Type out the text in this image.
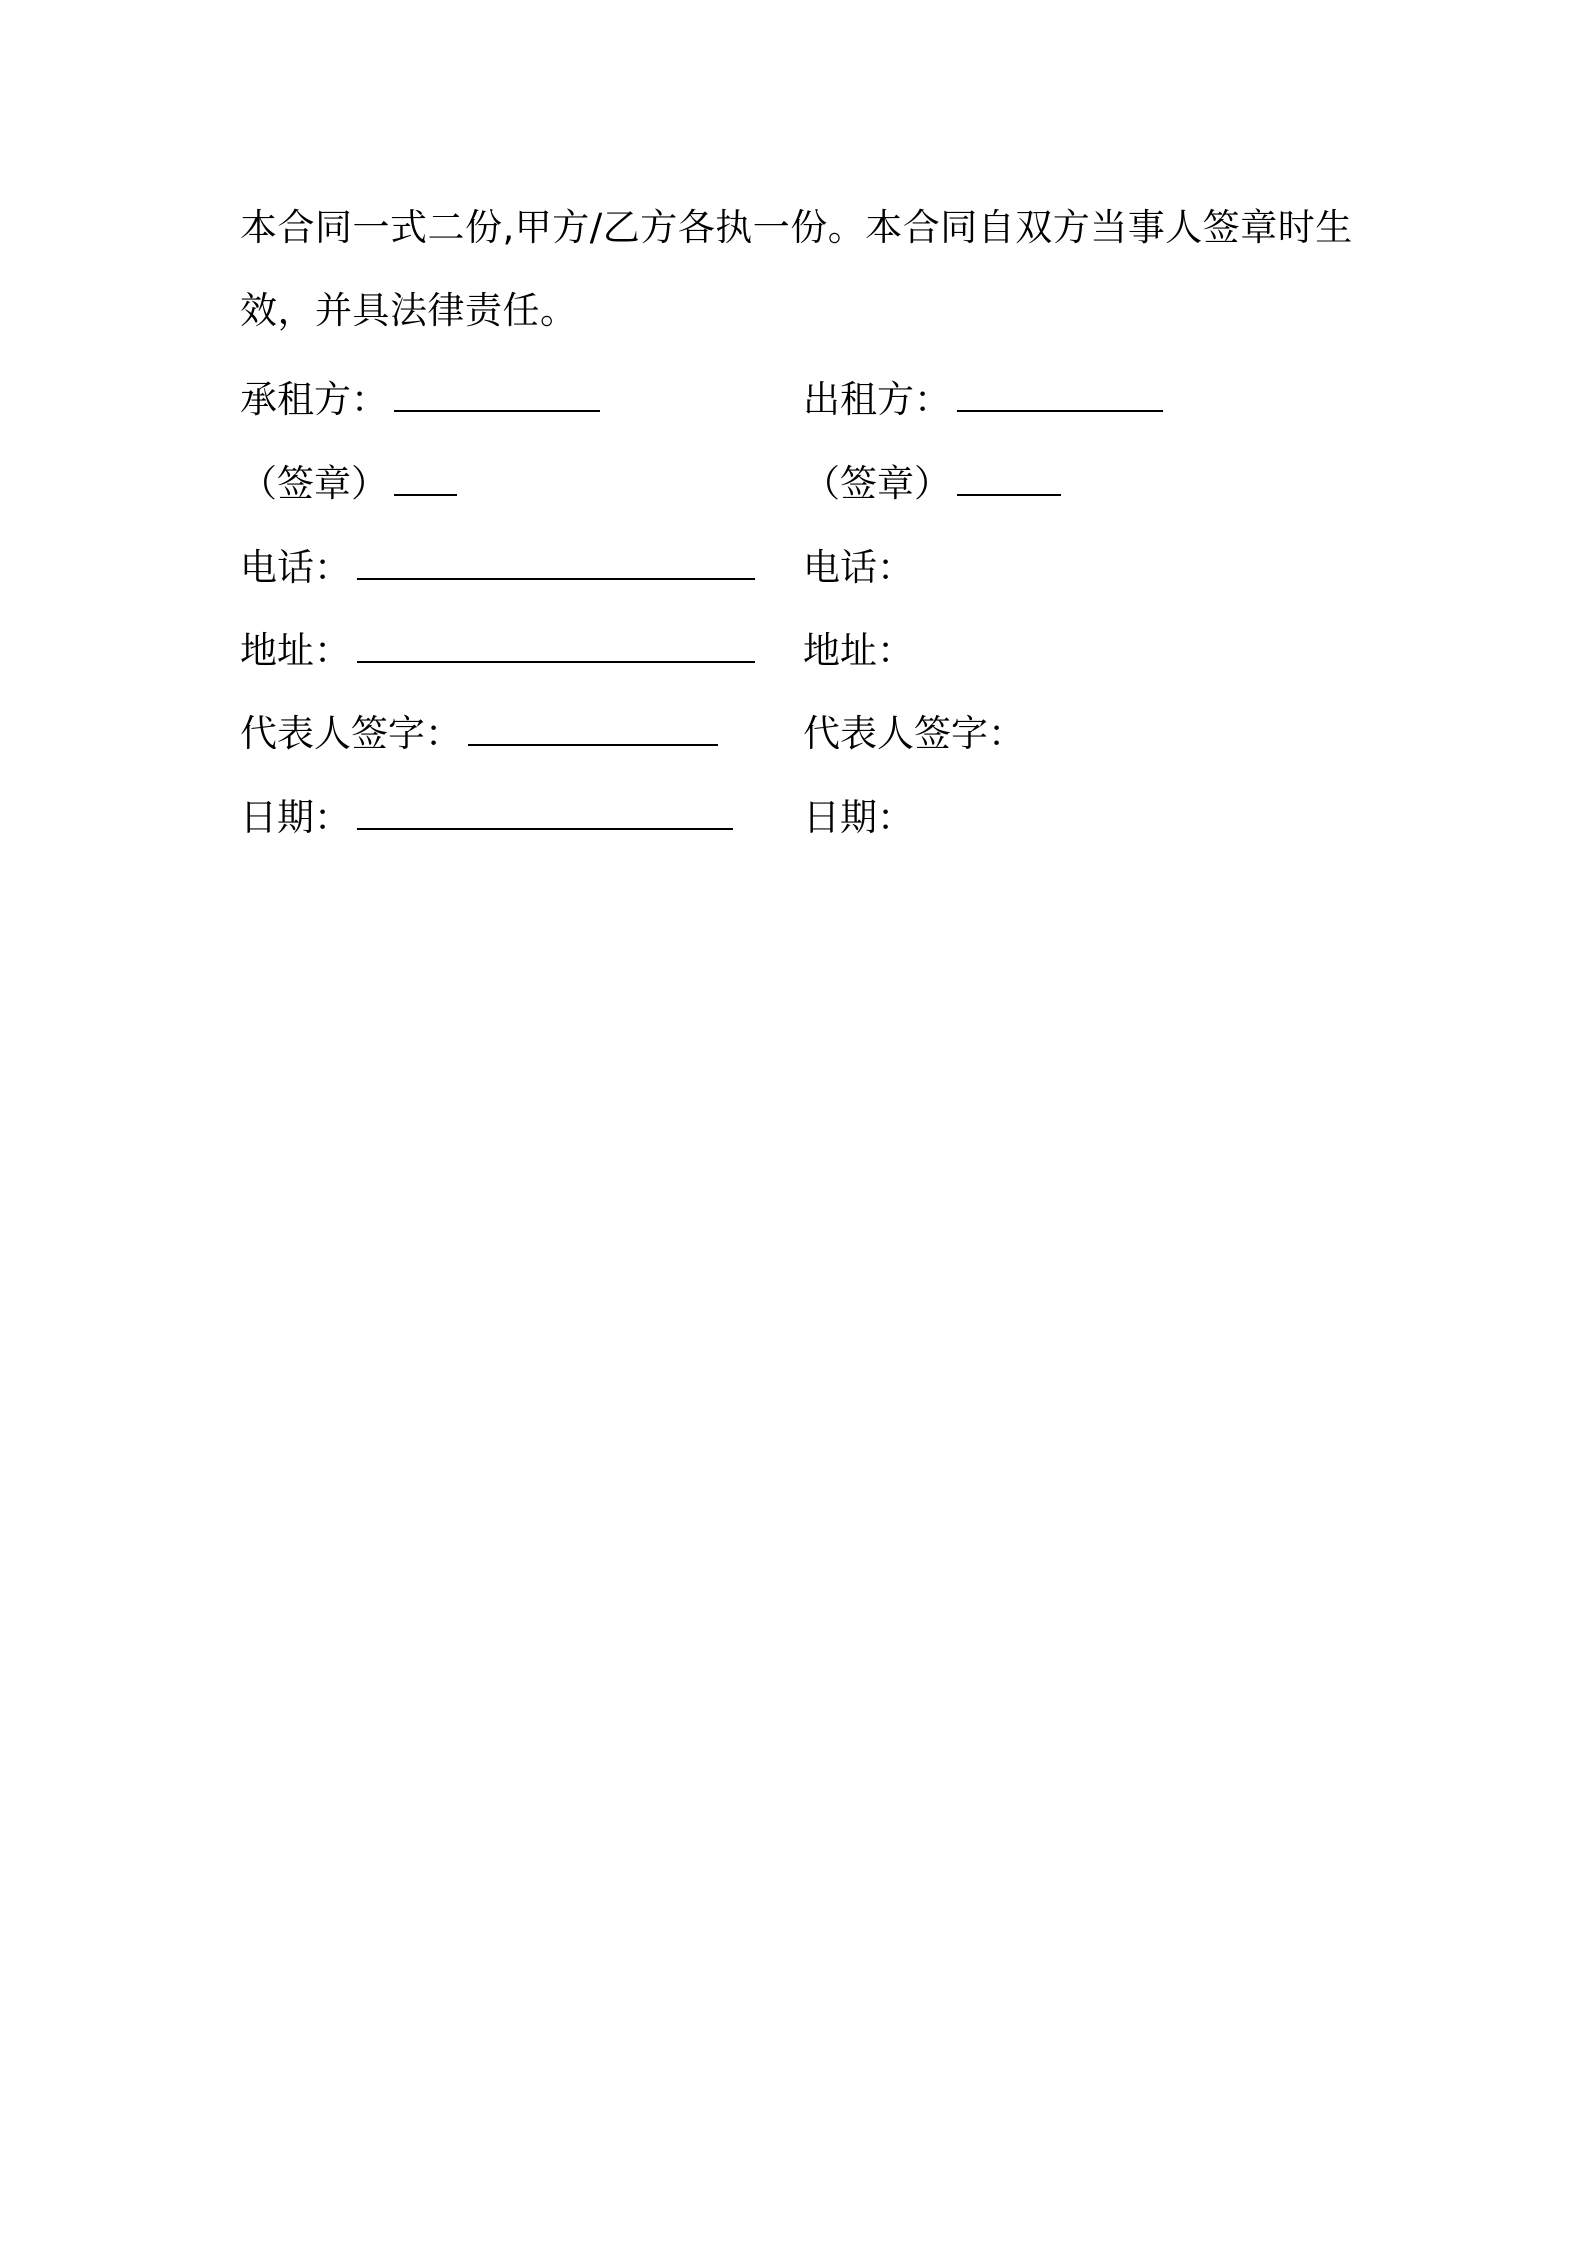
本合同一式二份,甲方/乙方各执一份。本合同自双方当事人签章时生效，并具法律责任。

承租方：
（签章）
电话：
地址：
代表人签字：
日期：
出租方：
（签章）
电话：
地址：
代表人签字：
日期：
